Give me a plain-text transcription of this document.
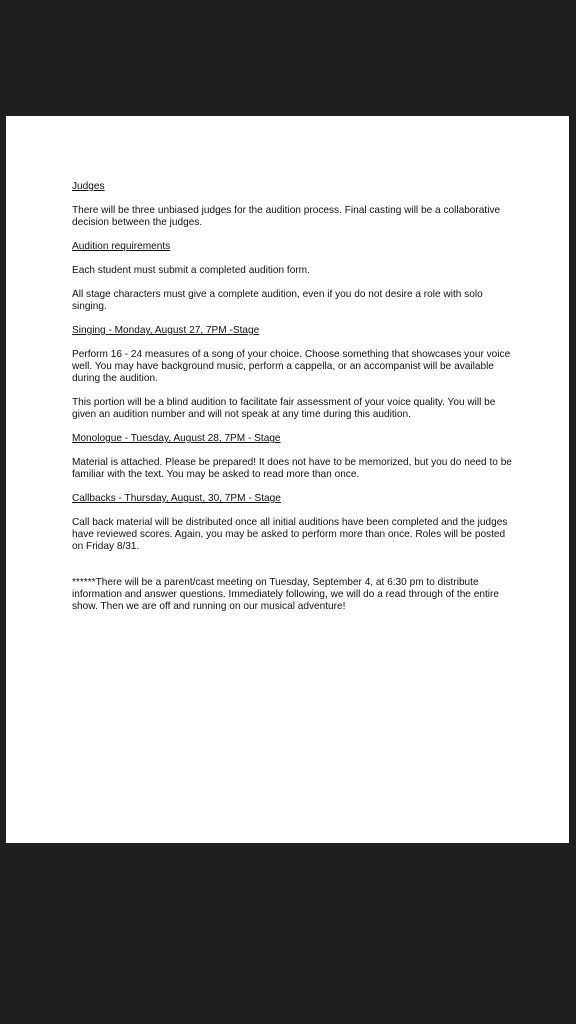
Judges
There will be three unbiased judges for the audition process. Final casting will be a collaborative decision between the judges.
Audition requirements
Each student must submit a completed audition form.
All stage characters must give a complete audition, even if you do not desire a role with solo singing.
Singing - Monday, August 27, 7PM -Stage
Perform 16 - 24 measures of a song of your choice. Choose something that showcases your voice well. You may have background music, perform a cappella, or an accompanist will be available during the audition.
This portion will be a blind audition to facilitate fair assessment of your voice quality. You will be given an audition number and will not speak at any time during this audition.
Monologue - Tuesday, August 28, 7PM - Stage
Material is attached. Please be prepared! It does not have to be memorized, but you do need to be familiar with the text. You may be asked to read more than once.
Callbacks - Thursday, August, 30, 7PM - Stage
Call back material will be distributed once all initial auditions have been completed and the judges have reviewed scores. Again, you may be asked to perform more than once. Roles will be posted on Friday 8/31.
******There will be a parent/cast meeting on Tuesday, September 4, at 6:30 pm to distribute information and answer questions. Immediately following, we will do a read through of the entire show. Then we are off and running on our musical adventure!
